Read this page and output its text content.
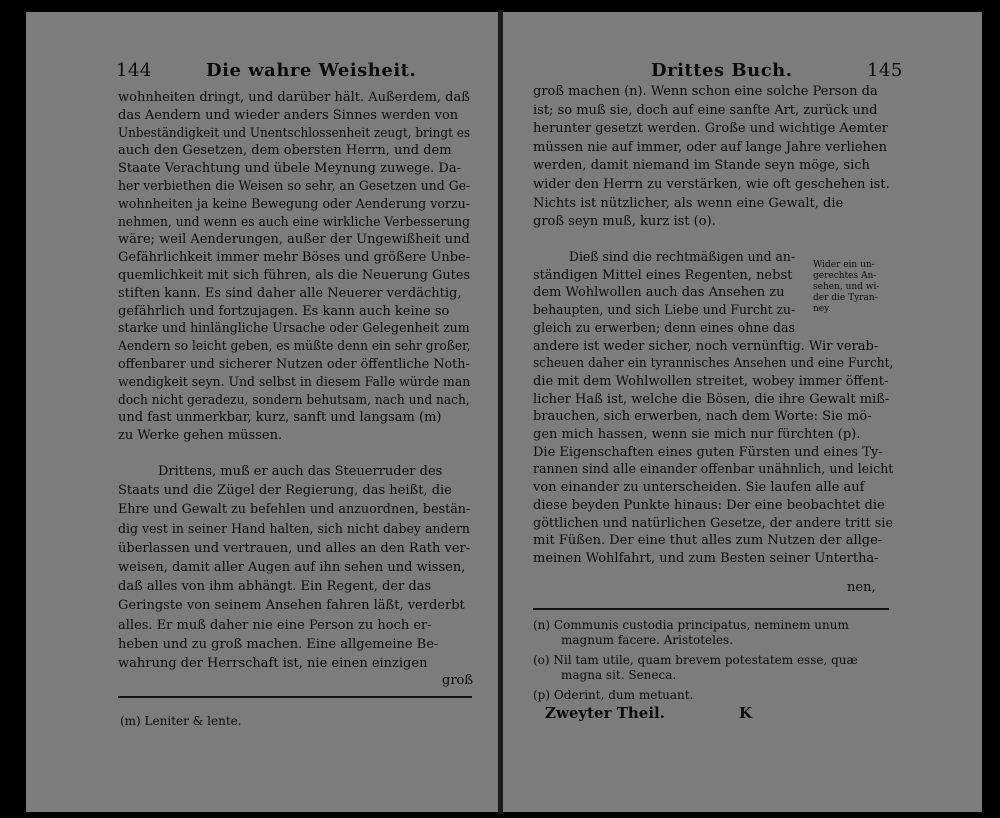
144	Die wahre Weisheit.
wohnheiten dringt, und darüber hält. Außerdem, daß
das Aendern und wieder anders Sinnes werden von
Unbeständigkeit und Unentschlossenheit zeugt, bringt es
auch den Gesetzen, dem obersten Herrn, und dem
Staate Verachtung und übele Meynung zuwege. Da-
her verbiethen die Weisen so sehr, an Gesetzen und Ge-
wohnheiten ja keine Bewegung oder Aenderung vorzu-
nehmen, und wenn es auch eine wirkliche Verbesserung
wäre; weil Aenderungen, außer der Ungewißheit und
Gefährlichkeit immer mehr Böses und größere Unbe-
quemlichkeit mit sich führen, als die Neuerung Gutes
stiften kann. Es sind daher alle Neuerer verdächtig,
gefährlich und fortzujagen. Es kann auch keine so
starke und hinlängliche Ursache oder Gelegenheit zum
Aendern so leicht geben, es müßte denn ein sehr großer,
offenbarer und sicherer Nutzen oder öffentliche Noth-
wendigkeit seyn. Und selbst in diesem Falle würde man
doch nicht geradezu, sondern behutsam, nach und nach,
und fast unmerkbar, kurz, sanft und langsam (m)
zu Werke gehen müssen.
Drittens, muß er auch das Steuerruder des
Staats und die Zügel der Regierung, das heißt, die
Ehre und Gewalt zu befehlen und anzuordnen, bestän-
dig vest in seiner Hand halten, sich nicht dabey andern
überlassen und vertrauen, und alles an den Rath ver-
weisen, damit aller Augen auf ihn sehen und wissen,
daß alles von ihm abhängt. Ein Regent, der das
Geringste von seinem Ansehen fahren läßt, verderbt
alles. Er muß daher nie eine Person zu hoch er-
heben und zu groß machen. Eine allgemeine Be-
wahrung der Herrschaft ist, nie einen einzigen
groß
(m) Leniter & lente.
Drittes Buch.	145
groß machen (n). Wenn schon eine solche Person da
ist; so muß sie, doch auf eine sanfte Art, zurück und
herunter gesetzt werden. Große und wichtige Aemter
müssen nie auf immer, oder auf lange Jahre verliehen
werden, damit niemand im Stande seyn möge, sich
wider den Herrn zu verstärken, wie oft geschehen ist.
Nichts ist nützlicher, als wenn eine Gewalt, die
groß seyn muß, kurz ist (o).
Dieß sind die rechtmäßigen und an-
ständigen Mittel eines Regenten, nebst
dem Wohlwollen auch das Ansehen zu
behaupten, und sich Liebe und Furcht zu-
gleich zu erwerben; denn eines ohne das
andere ist weder sicher, noch vernünftig. Wir verab-
scheuen daher ein tyrannisches Ansehen und eine Furcht,
die mit dem Wohlwollen streitet, wobey immer öffent-
licher Haß ist, welche die Bösen, die ihre Gewalt miß-
brauchen, sich erwerben, nach dem Worte: Sie mö-
gen mich hassen, wenn sie mich nur fürchten (p).
Die Eigenschaften eines guten Fürsten und eines Ty-
rannen sind alle einander offenbar unähnlich, und leicht
von einander zu unterscheiden. Sie laufen alle auf
diese beyden Punkte hinaus: Der eine beobachtet die
göttlichen und natürlichen Gesetze, der andere tritt sie
mit Füßen. Der eine thut alles zum Nutzen der allge-
meinen Wohlfahrt, und zum Besten seiner Untertha-
Wider ein un-
gerechtes An-
sehen, und wi-
der die Tyran-
ney.
nen,
(n) Communis custodia principatus, neminem unum
magnum facere. Aristoteles.
(o) Nil tam utile, quam brevem potestatem esse, quæ
magna sit. Seneca.
(p) Oderint, dum metuant.
Zweyter Theil.	K
